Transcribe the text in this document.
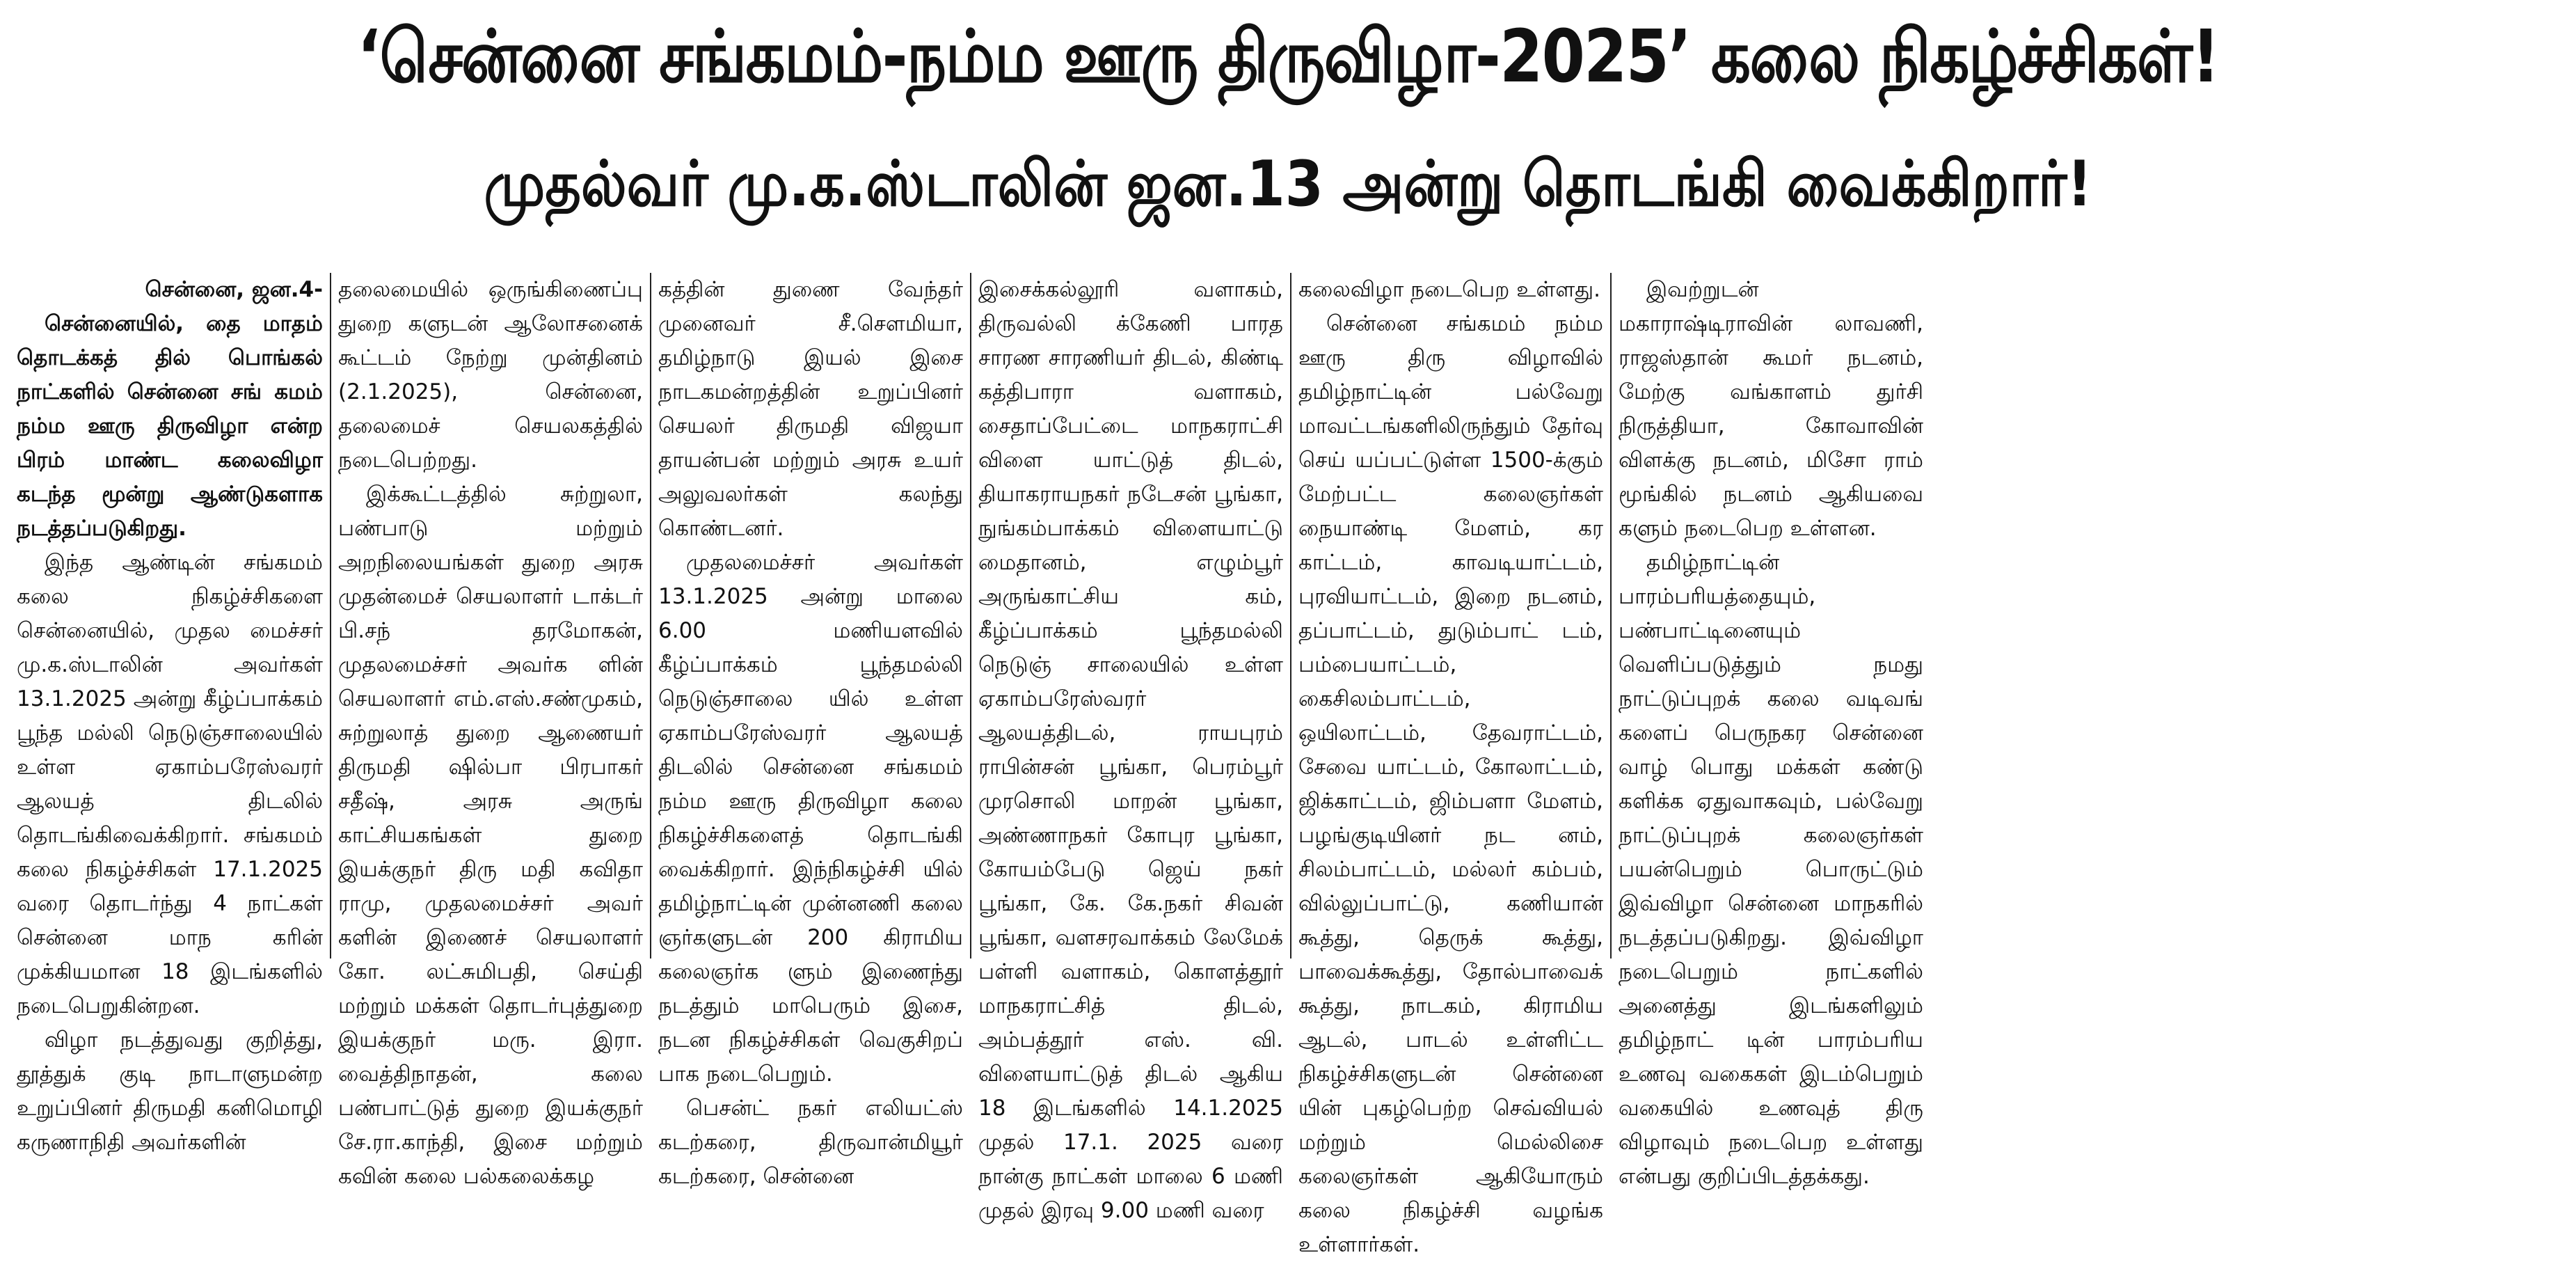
‘சென்னை சங்கமம்-நம்ம ஊரு திருவிழா-2025’ கலை நிகழ்ச்சிகள்!
முதல்வர் மு.க.ஸ்டாலின் ஜன.13 அன்று தொடங்கி வைக்கிறார்!

சென்னை, ஜன.4-

சென்னையில், தை மாதம் தொடக்கத் தில் பொங்கல் நாட்களில் சென்னை சங் கமம் நம்ம ஊரு திருவிழா என்ற பிரம் மாண்ட கலைவிழா கடந்த மூன்று ஆண்டுகளாக நடத்தப்படுகிறது.

இந்த ஆண்டின் சங்கமம் கலை நிகழ்ச்சிகளை சென்னையில், முதல மைச்சர் மு.க.ஸ்டாலின் அவர்கள் 13.1.2025 அன்று கீழ்ப்பாக்கம் பூந்த மல்லி நெடுஞ்சாலையில் உள்ள ஏகாம்பரேஸ்வரர் ஆலயத் திடலில் தொடங்கிவைக்கிறார். சங்கமம் கலை நிகழ்ச்சிகள் 17.1.2025 வரை தொடர்ந்து 4 நாட்கள் சென்னை மாந கரின் முக்கியமான 18 இடங்களில் நடைபெறுகின்றன.

விழா நடத்துவது குறித்து, தூத்துக் குடி நாடாளுமன்ற உறுப்பினர் திருமதி கனிமொழி கருணாநிதி அவர்களின்

தலைமையில் ஒருங்கிணைப்பு துறை களுடன் ஆலோசனைக் கூட்டம் நேற்று முன்தினம் (2.1.2025), சென்னை, தலைமைச் செயலகத்தில் நடைபெற்றது.

இக்கூட்டத்தில் சுற்றுலா, பண்பாடு மற்றும் அறநிலையங்கள் துறை அரசு முதன்மைச் செயலாளர் டாக்டர் பி.சந் தரமோகன், முதலமைச்சர் அவர்க ளின் செயலாளர் எம்.எஸ்.சண்முகம், சுற்றுலாத் துறை ஆணையர் திருமதி ஷில்பா பிரபாகர் சதீஷ், அரசு அருங் காட்சியகங்கள் துறை இயக்குநர் திரு மதி கவிதா ராமு, முதலமைச்சர் அவர் களின் இணைச் செயலாளர் கோ. லட்சுமிபதி, செய்தி மற்றும் மக்கள் தொடர்புத்துறை இயக்குநர் மரு. இரா. வைத்திநாதன், கலை பண்பாட்டுத் துறை இயக்குநர் சே.ரா.காந்தி, இசை மற்றும் கவின் கலை பல்கலைக்கழ

கத்தின் துணை வேந்தர் முனைவர் சீ.சௌமியா, தமிழ்நாடு இயல் இசை நாடகமன்றத்தின் உறுப்பினர் செயலர் திருமதி விஜயா தாயன்பன் மற்றும் அரசு உயர் அலுவலர்கள் கலந்து கொண்டனர்.

முதலமைச்சர் அவர்கள் 13.1.2025 அன்று மாலை 6.00 மணியளவில் கீழ்ப்பாக்கம் பூந்தமல்லி நெடுஞ்சாலை யில் உள்ள ஏகாம்பரேஸ்வரர் ஆலயத் திடலில் சென்னை சங்கமம் நம்ம ஊரு திருவிழா கலை நிகழ்ச்சிகளைத் தொடங்கி வைக்கிறார். இந்நிகழ்ச்சி யில் தமிழ்நாட்டின் முன்னணி கலை ஞர்களுடன் 200 கிராமிய கலைஞர்க ளும் இணைந்து நடத்தும் மாபெரும் இசை, நடன நிகழ்ச்சிகள் வெகுசிறப் பாக நடைபெறும்.

பெசன்ட் நகர் எலியட்ஸ் கடற்கரை, திருவான்மியூர் கடற்கரை, சென்னை

இசைக்கல்லூரி வளாகம், திருவல்லி க்கேணி பாரத சாரண சாரணியர் திடல், கிண்டி கத்திபாரா வளாகம், சைதாப்பேட்டை மாநகராட்சி விளை யாட்டுத் திடல், தியாகராயநகர் நடேசன் பூங்கா, நுங்கம்பாக்கம் விளையாட்டு மைதானம், எழும்பூர் அருங்காட்சிய கம், கீழ்ப்பாக்கம் பூந்தமல்லி நெடுஞ் சாலையில் உள்ள ஏகாம்பரேஸ்வரர் ஆலயத்திடல், ராயபுரம் ராபின்சன் பூங்கா, பெரம்பூர் முரசொலி மாறன் பூங்கா, அண்ணாநகர் கோபுர பூங்கா, கோயம்பேடு ஜெய் நகர் பூங்கா, கே. கே.நகர் சிவன் பூங்கா, வளசரவாக்கம் லேமேக் பள்ளி வளாகம், கொளத்தூர் மாநகராட்சித் திடல், அம்பத்தூர் எஸ். வி. விளையாட்டுத் திடல் ஆகிய 18 இடங்களில் 14.1.2025 முதல் 17.1. 2025 வரை நான்கு நாட்கள் மாலை 6 மணி முதல் இரவு 9.00 மணி வரை

கலைவிழா நடைபெற உள்ளது.

சென்னை சங்கமம் நம்ம ஊரு திரு விழாவில் தமிழ்நாட்டின் பல்வேறு மாவட்டங்களிலிருந்தும் தேர்வு செய் யப்பட்டுள்ள 1500-க்கும் மேற்பட்ட கலைஞர்கள் நையாண்டி மேளம், கர காட்டம், காவடியாட்டம், புரவியாட்டம், இறை நடனம், தப்பாட்டம், துடும்பாட் டம், பம்பையாட்டம், கைசிலம்பாட்டம், ஒயிலாட்டம், தேவராட்டம், சேவை யாட்டம், கோலாட்டம், ஜிக்காட்டம், ஜிம்பளா மேளம், பழங்குடியினர் நட னம், சிலம்பாட்டம், மல்லர் கம்பம், வில்லுப்பாட்டு, கணியான் கூத்து, தெருக் கூத்து, பாவைக்கூத்து, தோல்பாவைக் கூத்து, நாடகம், கிராமிய ஆடல், பாடல் உள்ளிட்ட நிகழ்ச்சிகளுடன் சென்னை யின் புகழ்பெற்ற செவ்வியல் மற்றும் மெல்லிசை கலைஞர்கள் ஆகியோரும் கலை நிகழ்ச்சி வழங்க உள்ளார்கள்.

இவற்றுடன் மகாராஷ்டிராவின் லாவணி, ராஜஸ்தான் கூமர் நடனம், மேற்கு வங்காளம் துர்சி நிருத்தியா, கோவாவின் விளக்கு நடனம், மிசோ ராம் மூங்கில் நடனம் ஆகியவை களும் நடைபெற உள்ளன.

தமிழ்நாட்டின் பாரம்பரியத்தையும், பண்பாட்டினையும் வெளிப்படுத்தும் நமது நாட்டுப்புறக் கலை வடிவங் களைப் பெருநகர சென்னை வாழ் பொது மக்கள் கண்டு களிக்க ஏதுவாகவும், பல்வேறு நாட்டுப்புறக் கலைஞர்கள் பயன்பெறும் பொருட்டும் இவ்விழா சென்னை மாநகரில் நடத்தப்படுகிறது. இவ்விழா நடைபெறும் நாட்களில் அனைத்து இடங்களிலும் தமிழ்நாட் டின் பாரம்பரிய உணவு வகைகள் இடம்பெறும் வகையில் உணவுத் திரு விழாவும் நடைபெற உள்ளது என்பது குறிப்பிடத்தக்கது.
